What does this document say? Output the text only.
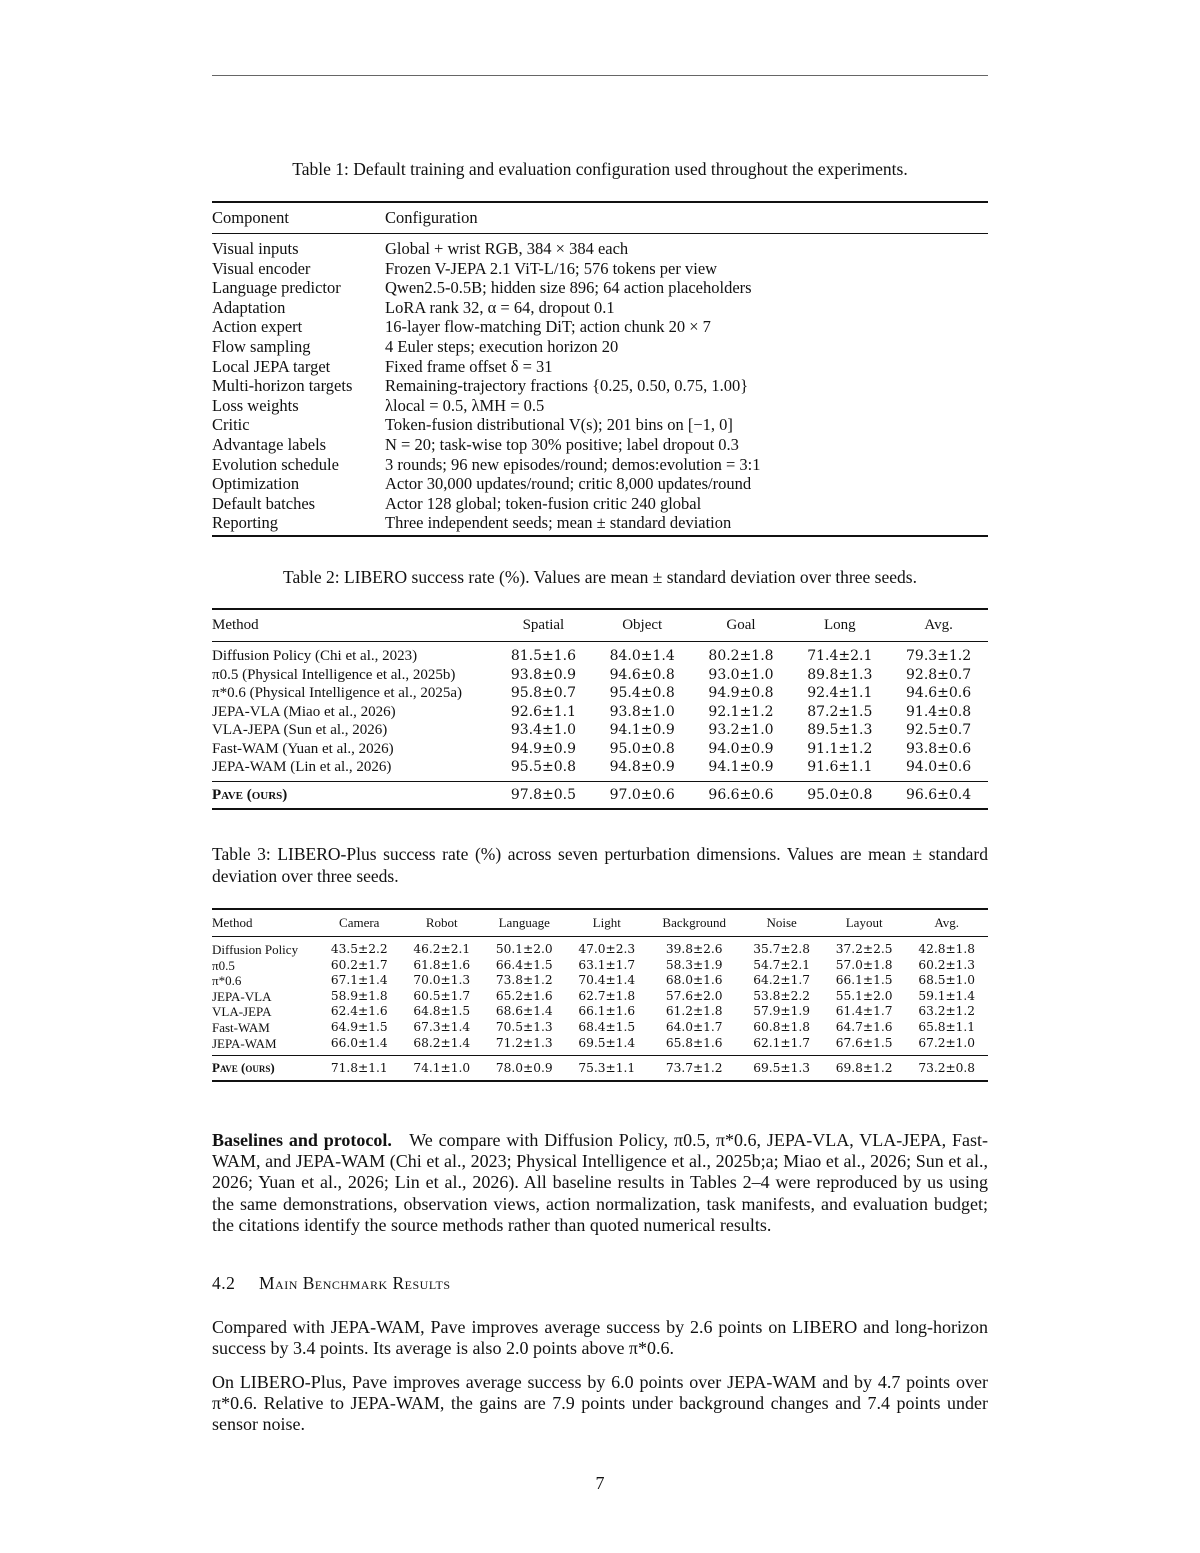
Table 1: Default training and evaluation configuration used throughout the experiments.
Component	Configuration
Visual inputs	Global + wrist RGB, 384 × 384 each
Visual encoder	Frozen V-JEPA 2.1 ViT-L/16; 576 tokens per view
Language predictor	Qwen2.5-0.5B; hidden size 896; 64 action placeholders
Adaptation	LoRA rank 32, α = 64, dropout 0.1
Action expert	16-layer flow-matching DiT; action chunk 20 × 7
Flow sampling	4 Euler steps; execution horizon 20
Local JEPA target	Fixed frame offset δ = 31
Multi-horizon targets	Remaining-trajectory fractions {0.25, 0.50, 0.75, 1.00}
Loss weights	λlocal = 0.5, λMH = 0.5
Critic	Token-fusion distributional V(s); 201 bins on [−1, 0]
Advantage labels	N = 20; task-wise top 30% positive; label dropout 0.3
Evolution schedule	3 rounds; 96 new episodes/round; demos:evolution = 3:1
Optimization	Actor 30,000 updates/round; critic 8,000 updates/round
Default batches	Actor 128 global; token-fusion critic 240 global
Reporting	Three independent seeds; mean ± standard deviation
Table 2: LIBERO success rate (%). Values are mean ± standard deviation over three seeds.
Method	Spatial	Object	Goal	Long	Avg.
Diffusion Policy (Chi et al., 2023)	81.5±1.6	84.0±1.4	80.2±1.8	71.4±2.1	79.3±1.2
π0.5 (Physical Intelligence et al., 2025b)	93.8±0.9	94.6±0.8	93.0±1.0	89.8±1.3	92.8±0.7
π*0.6 (Physical Intelligence et al., 2025a)	95.8±0.7	95.4±0.8	94.9±0.8	92.4±1.1	94.6±0.6
JEPA-VLA (Miao et al., 2026)	92.6±1.1	93.8±1.0	92.1±1.2	87.2±1.5	91.4±0.8
VLA-JEPA (Sun et al., 2026)	93.4±1.0	94.1±0.9	93.2±1.0	89.5±1.3	92.5±0.7
Fast-WAM (Yuan et al., 2026)	94.9±0.9	95.0±0.8	94.0±0.9	91.1±1.2	93.8±0.6
JEPA-WAM (Lin et al., 2026)	95.5±0.8	94.8±0.9	94.1±0.9	91.6±1.1	94.0±0.6
Pave (ours)	97.8±0.5	97.0±0.6	96.6±0.6	95.0±0.8	96.6±0.4
Table 3: LIBERO-Plus success rate (%) across seven perturbation dimensions. Values are mean ± standard deviation over three seeds.
Method	Camera	Robot	Language	Light	Background	Noise	Layout	Avg.
Diffusion Policy	43.5±2.2	46.2±2.1	50.1±2.0	47.0±2.3	39.8±2.6	35.7±2.8	37.2±2.5	42.8±1.8
π0.5	60.2±1.7	61.8±1.6	66.4±1.5	63.1±1.7	58.3±1.9	54.7±2.1	57.0±1.8	60.2±1.3
π*0.6	67.1±1.4	70.0±1.3	73.8±1.2	70.4±1.4	68.0±1.6	64.2±1.7	66.1±1.5	68.5±1.0
JEPA-VLA	58.9±1.8	60.5±1.7	65.2±1.6	62.7±1.8	57.6±2.0	53.8±2.2	55.1±2.0	59.1±1.4
VLA-JEPA	62.4±1.6	64.8±1.5	68.6±1.4	66.1±1.6	61.2±1.8	57.9±1.9	61.4±1.7	63.2±1.2
Fast-WAM	64.9±1.5	67.3±1.4	70.5±1.3	68.4±1.5	64.0±1.7	60.8±1.8	64.7±1.6	65.8±1.1
JEPA-WAM	66.0±1.4	68.2±1.4	71.2±1.3	69.5±1.4	65.8±1.6	62.1±1.7	67.6±1.5	67.2±1.0
Pave (ours)	71.8±1.1	74.1±1.0	78.0±0.9	75.3±1.1	73.7±1.2	69.5±1.3	69.8±1.2	73.2±0.8
Baselines and protocol. We compare with Diffusion Policy, π0.5, π*0.6, JEPA-VLA, VLA-JEPA, Fast-WAM, and JEPA-WAM (Chi et al., 2023; Physical Intelligence et al., 2025b;a; Miao et al., 2026; Sun et al., 2026; Yuan et al., 2026; Lin et al., 2026). All baseline results in Tables 2–4 were reproduced by us using the same demonstrations, observation views, action normalization, task manifests, and evaluation budget; the citations identify the source methods rather than quoted numerical results.
4.2 Main Benchmark Results
Compared with JEPA-WAM, Pave improves average success by 2.6 points on LIBERO and long-horizon success by 3.4 points. Its average is also 2.0 points above π*0.6.
On LIBERO-Plus, Pave improves average success by 6.0 points over JEPA-WAM and by 4.7 points over π*0.6. Relative to JEPA-WAM, the gains are 7.9 points under background changes and 7.4 points under sensor noise.
7
